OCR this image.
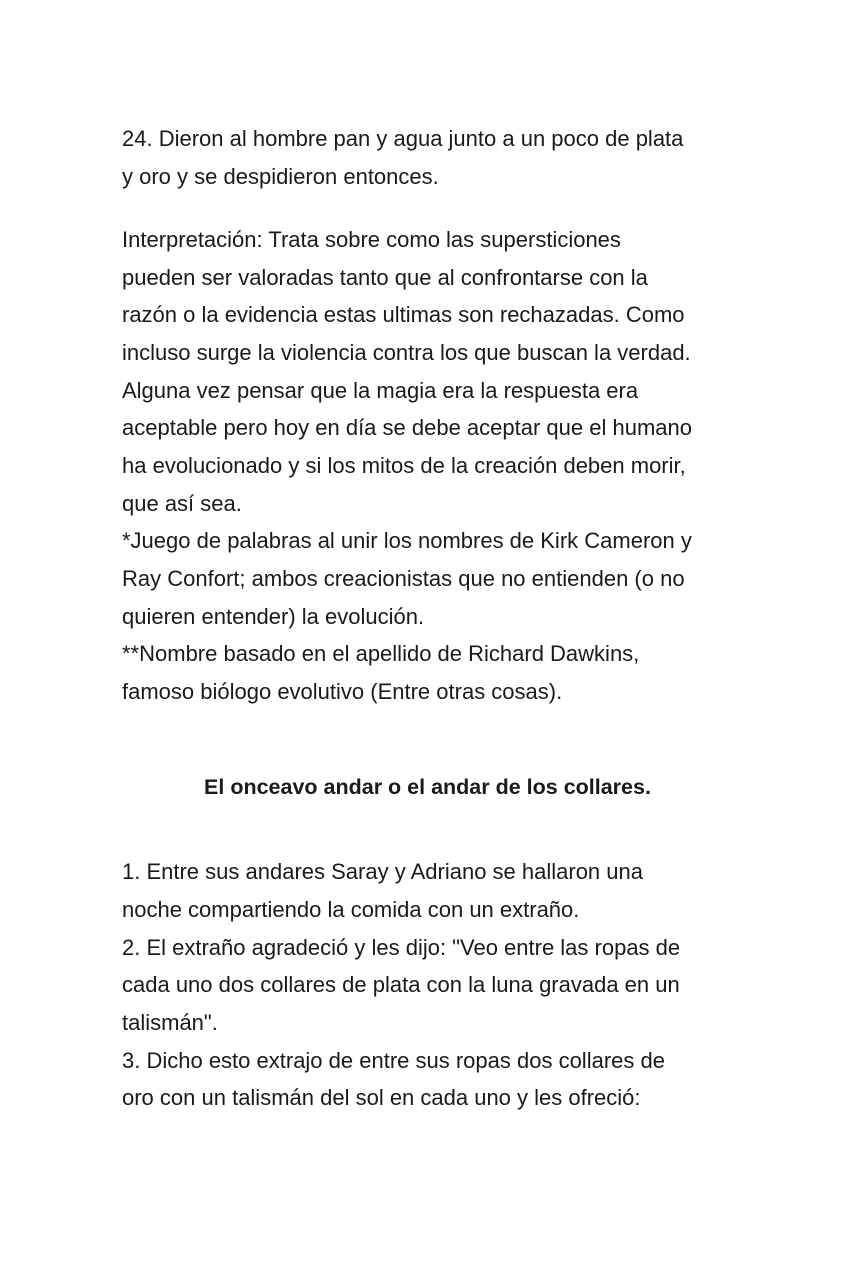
24. Dieron al hombre pan y agua junto a un poco de plata
y oro y se despidieron entonces.
Interpretación: Trata sobre como las supersticiones
pueden ser valoradas tanto que al confrontarse con la
razón o la evidencia estas ultimas son rechazadas. Como
incluso surge la violencia contra los que buscan la verdad.
Alguna vez pensar que la magia era la respuesta era
aceptable pero hoy en día se debe aceptar que el humano
ha evolucionado y si los mitos de la creación deben morir,
que así sea.
*Juego de palabras al unir los nombres de Kirk Cameron y
Ray Confort; ambos creacionistas que no entienden (o no
quieren entender) la evolución.
**Nombre basado en el apellido de Richard Dawkins,
famoso biólogo evolutivo (Entre otras cosas).
El onceavo andar o el andar de los collares.
1. Entre sus andares Saray y Adriano se hallaron una
noche compartiendo la comida con un extraño.
2. El extraño agradeció y les dijo: "Veo entre las ropas de
cada uno dos collares de plata con la luna gravada en un
talismán".
3. Dicho esto extrajo de entre sus ropas dos collares de
oro con un talismán del sol en cada uno y les ofreció:
